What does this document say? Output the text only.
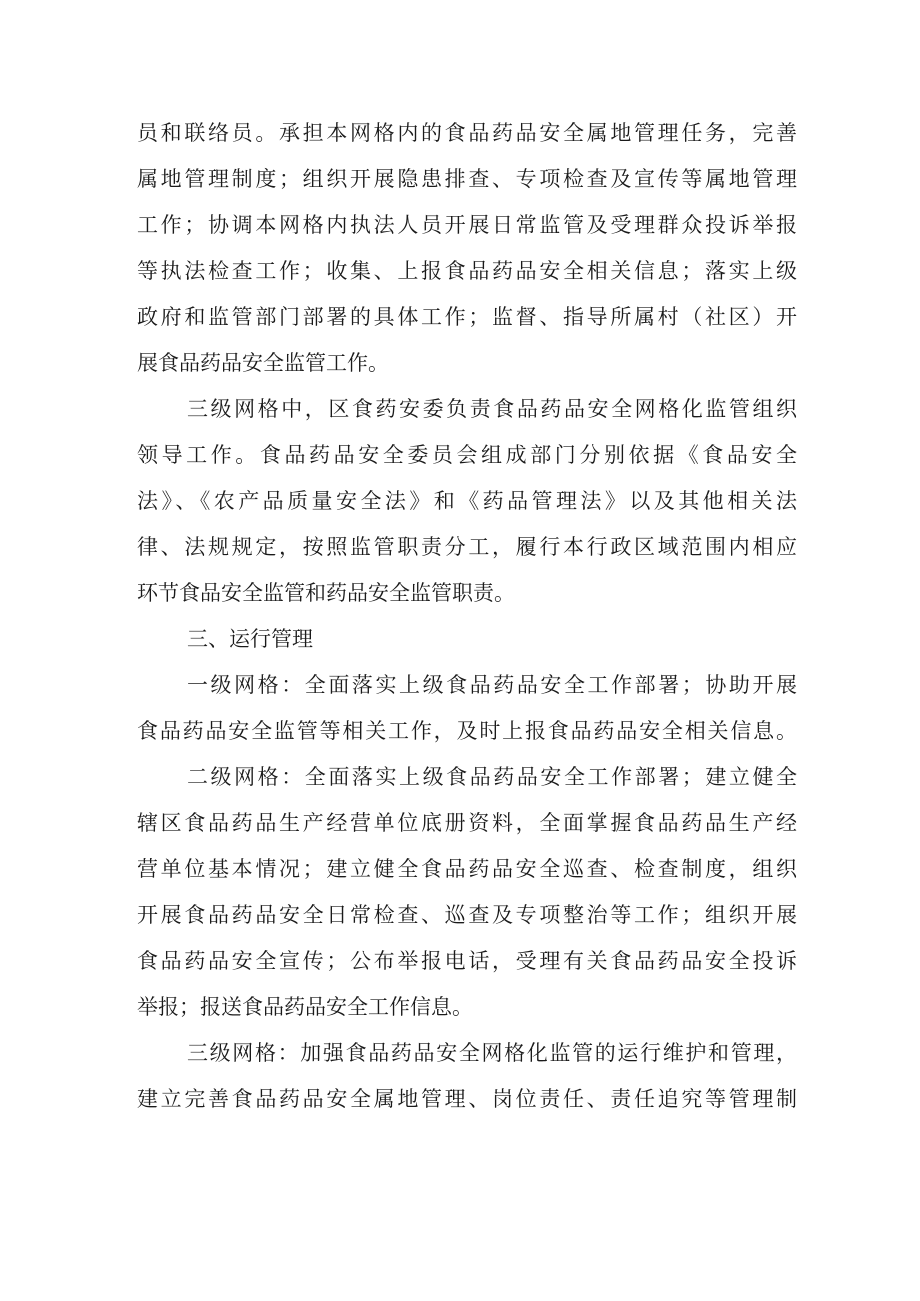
员和联络员。承担本网格内的食品药品安全属地管理任务，完善
属地管理制度；组织开展隐患排查、专项检查及宣传等属地管理
工作；协调本网格内执法人员开展日常监管及受理群众投诉举报
等执法检查工作；收集、上报食品药品安全相关信息；落实上级
政府和监管部门部署的具体工作；监督、指导所属村（社区）开
展食品药品安全监管工作。
三级网格中，区食药安委负责食品药品安全网格化监管组织
领导工作。食品药品安全委员会组成部门分别依据《食品安全
法》、《农产品质量安全法》和《药品管理法》以及其他相关法
律、法规规定，按照监管职责分工，履行本行政区域范围内相应
环节食品安全监管和药品安全监管职责。
三、运行管理
一级网格：全面落实上级食品药品安全工作部署；协助开展
食品药品安全监管等相关工作，及时上报食品药品安全相关信息。
二级网格：全面落实上级食品药品安全工作部署；建立健全
辖区食品药品生产经营单位底册资料，全面掌握食品药品生产经
营单位基本情况；建立健全食品药品安全巡查、检查制度，组织
开展食品药品安全日常检查、巡查及专项整治等工作；组织开展
食品药品安全宣传；公布举报电话，受理有关食品药品安全投诉
举报；报送食品药品安全工作信息。
三级网格：加强食品药品安全网格化监管的运行维护和管理，
建立完善食品药品安全属地管理、岗位责任、责任追究等管理制
